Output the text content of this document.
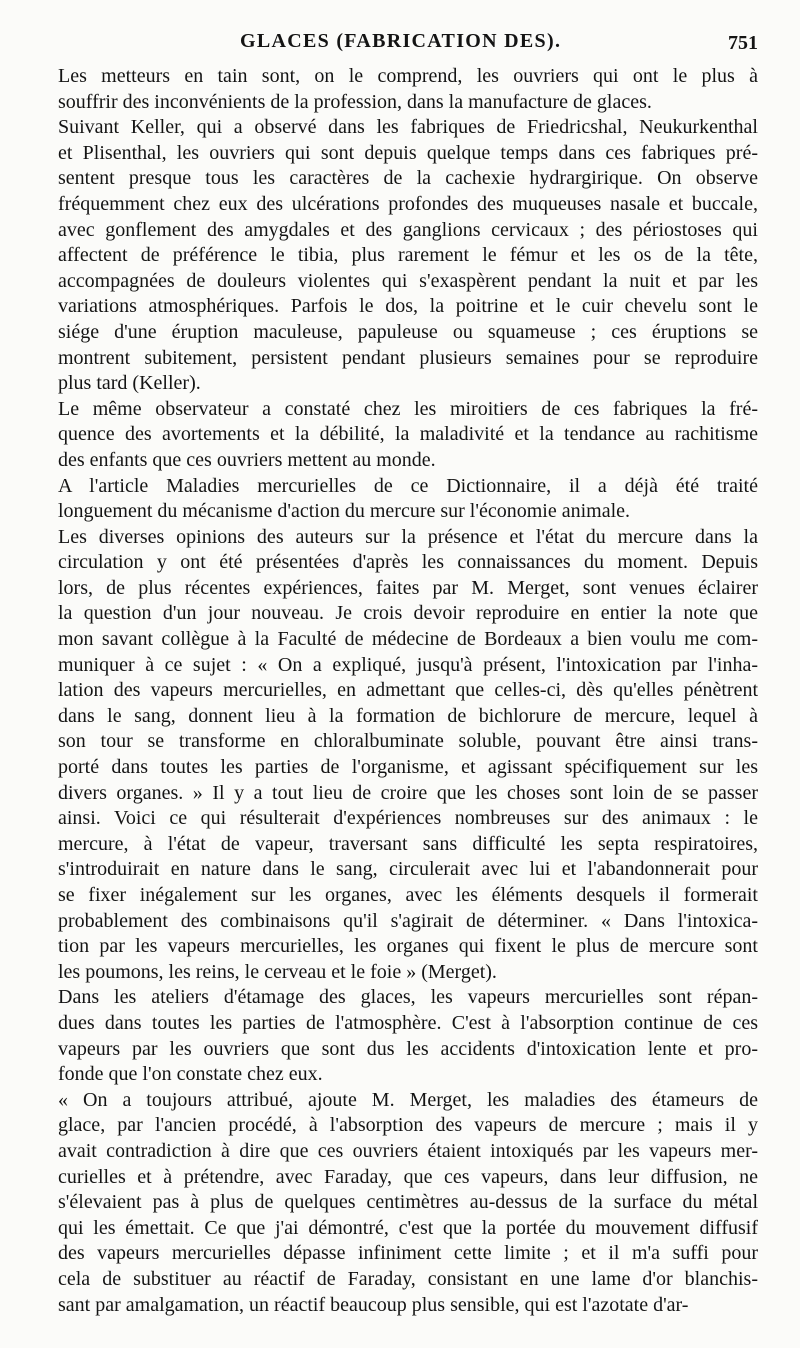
GLACES (FABRICATION DES).	751
Les metteurs en tain sont, on le comprend, les ouvriers qui ont le plus à
souffrir des inconvénients de la profession, dans la manufacture de glaces.
Suivant Keller, qui a observé dans les fabriques de Friedricshal, Neukurkenthal
et Plisenthal, les ouvriers qui sont depuis quelque temps dans ces fabriques pré-
sentent presque tous les caractères de la cachexie hydrargirique. On observe
fréquemment chez eux des ulcérations profondes des muqueuses nasale et buccale,
avec gonflement des amygdales et des ganglions cervicaux ; des périostoses qui
affectent de préférence le tibia, plus rarement le fémur et les os de la tête,
accompagnées de douleurs violentes qui s'exaspèrent pendant la nuit et par les
variations atmosphériques. Parfois le dos, la poitrine et le cuir chevelu sont le
siége d'une éruption maculeuse, papuleuse ou squameuse ; ces éruptions se
montrent subitement, persistent pendant plusieurs semaines pour se reproduire
plus tard (Keller).
Le même observateur a constaté chez les miroitiers de ces fabriques la fré-
quence des avortements et la débilité, la maladivité et la tendance au rachitisme
des enfants que ces ouvriers mettent au monde.
A l'article Maladies mercurielles de ce Dictionnaire, il a déjà été traité
longuement du mécanisme d'action du mercure sur l'économie animale.
Les diverses opinions des auteurs sur la présence et l'état du mercure dans la
circulation y ont été présentées d'après les connaissances du moment. Depuis
lors, de plus récentes expériences, faites par M. Merget, sont venues éclairer
la question d'un jour nouveau. Je crois devoir reproduire en entier la note que
mon savant collègue à la Faculté de médecine de Bordeaux a bien voulu me com-
muniquer à ce sujet : « On a expliqué, jusqu'à présent, l'intoxication par l'inha-
lation des vapeurs mercurielles, en admettant que celles-ci, dès qu'elles pénètrent
dans le sang, donnent lieu à la formation de bichlorure de mercure, lequel à
son tour se transforme en chloralbuminate soluble, pouvant être ainsi trans-
porté dans toutes les parties de l'organisme, et agissant spécifiquement sur les
divers organes. » Il y a tout lieu de croire que les choses sont loin de se passer
ainsi. Voici ce qui résulterait d'expériences nombreuses sur des animaux : le
mercure, à l'état de vapeur, traversant sans difficulté les septa respiratoires,
s'introduirait en nature dans le sang, circulerait avec lui et l'abandonnerait pour
se fixer inégalement sur les organes, avec les éléments desquels il formerait
probablement des combinaisons qu'il s'agirait de déterminer. « Dans l'intoxica-
tion par les vapeurs mercurielles, les organes qui fixent le plus de mercure sont
les poumons, les reins, le cerveau et le foie » (Merget).
Dans les ateliers d'étamage des glaces, les vapeurs mercurielles sont répan-
dues dans toutes les parties de l'atmosphère. C'est à l'absorption continue de ces
vapeurs par les ouvriers que sont dus les accidents d'intoxication lente et pro-
fonde que l'on constate chez eux.
« On a toujours attribué, ajoute M. Merget, les maladies des étameurs de
glace, par l'ancien procédé, à l'absorption des vapeurs de mercure ; mais il y
avait contradiction à dire que ces ouvriers étaient intoxiqués par les vapeurs mer-
curielles et à prétendre, avec Faraday, que ces vapeurs, dans leur diffusion, ne
s'élevaient pas à plus de quelques centimètres au-dessus de la surface du métal
qui les émettait. Ce que j'ai démontré, c'est que la portée du mouvement diffusif
des vapeurs mercurielles dépasse infiniment cette limite ; et il m'a suffi pour
cela de substituer au réactif de Faraday, consistant en une lame d'or blanchis-
sant par amalgamation, un réactif beaucoup plus sensible, qui est l'azotate d'ar-
